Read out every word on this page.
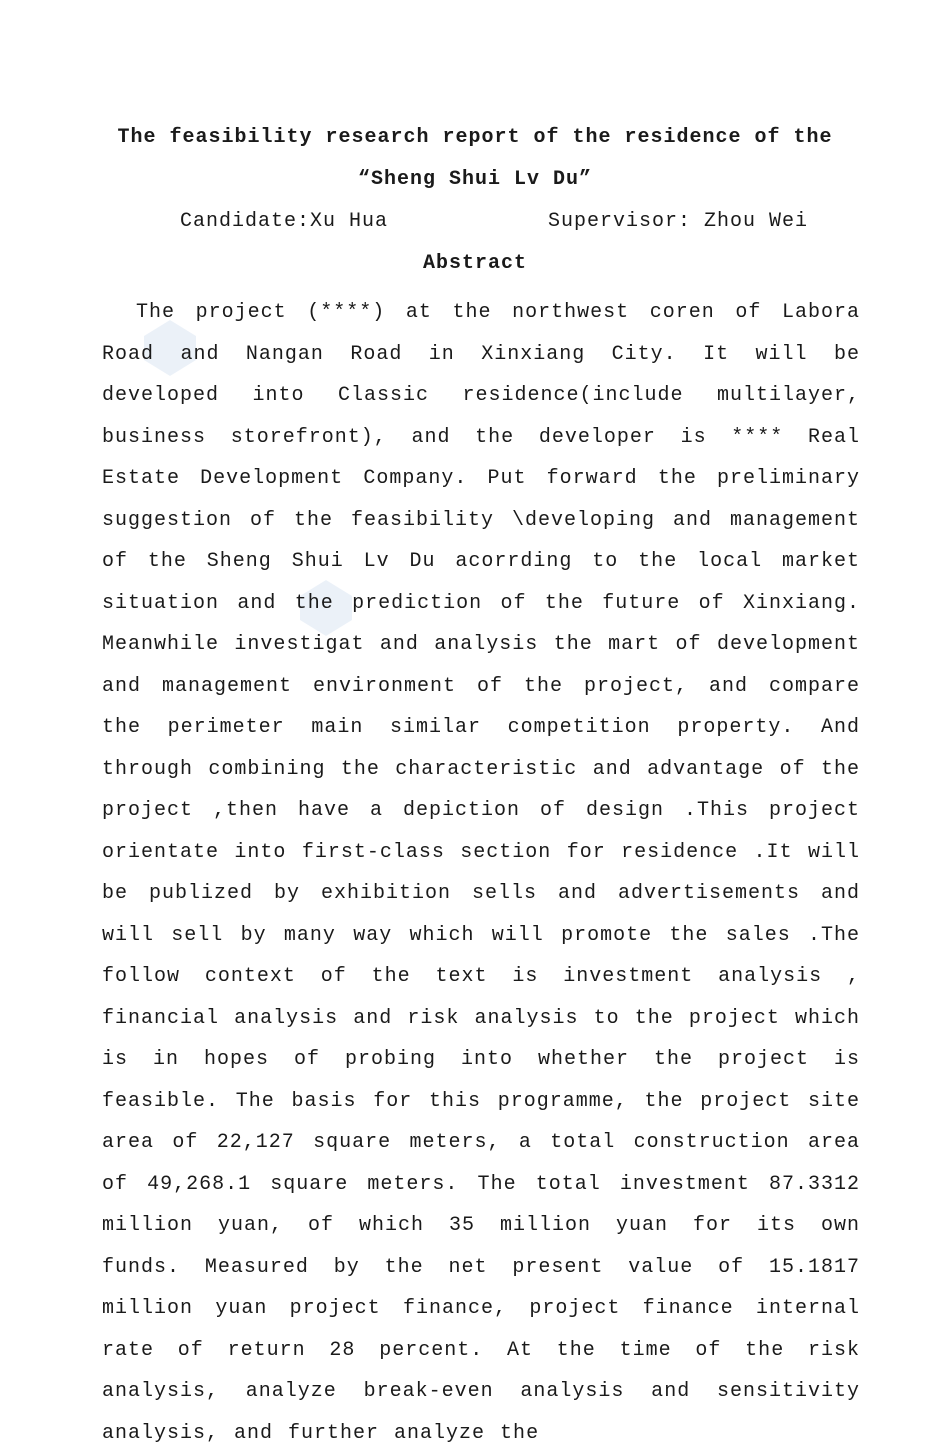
The feasibility research report of the residence of the
“Sheng Shui Lv Du”
Candidate:Xu Hua	Supervisor: Zhou Wei
Abstract
The project (****) at the northwest coren of Labora Road and Nangan Road in Xinxiang City. It will be developed into Classic residence(include multilayer, business storefront), and the developer is **** Real Estate Development Company. Put forward the preliminary suggestion of the feasibility \developing and management of the Sheng Shui Lv Du acorrding to the local market situation and the prediction of the future of Xinxiang. Meanwhile investigat and analysis the mart of development and management environment of the project, and compare the perimeter main similar competition property. And through combining the characteristic and advantage of the project ,then have a depiction of design .This project orientate into first-class section for residence .It will be publized by exhibition sells and advertisements and will sell by many way which will promote the sales .The follow context of the text is investment analysis , financial analysis and risk analysis to the project which is in hopes of probing into whether the project is feasible. The basis for this programme, the project site area of 22,127 square meters, a total construction area of 49,268.1 square meters. The total investment 87.3312 million yuan, of which 35 million yuan for its own funds. Measured by the net present value of 15.1817 million yuan project finance, project finance internal rate of return 28 percent. At the time of the risk analysis, analyze break-even analysis and sensitivity analysis, and further analyze the
